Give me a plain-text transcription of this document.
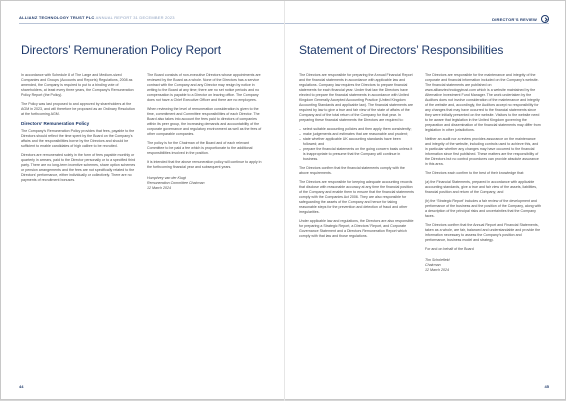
ALLIANZ TECHNOLOGY TRUST PLC ANNUAL REPORT 31 DECEMBER 2023
Directors’ Remuneration Policy Report

In accordance with Schedule 8 of The Large and Medium-sized Companies and Groups (Accounts and Reports) Regulations, 2008 as amended, the Company is required to put to a binding vote of shareholders, at least every three years, the Company’s Remuneration Policy Report (the Policy).

The Policy was last proposed to and approved by shareholders at the AGM in 2023, and will therefore be proposed as an Ordinary Resolution at the forthcoming AGM.

Directors’ Remuneration Policy

The Company’s Remuneration Policy provides that fees, payable to the Directors should reflect the time spent by the Board on the Company’s affairs and the responsibilities borne by the Directors and should be sufficient to enable candidates of high calibre to be recruited.

Directors are remunerated solely in the form of fees payable monthly or quarterly in arrears, paid to the Director personally or to a specified third party. There are no long-term incentive schemes, share option schemes or pension arrangements and the fees are not specifically related to the Directors’ performance, either individually or collectively. There are no payments of recruitment bonuses.

The Board consists of non-executive Directors whose appointments are reviewed by the Board as a whole. None of the Directors has a service contract with the Company and any Director may resign by notice in writing to the Board at any time; there are no set notice periods and no compensation is payable to a Director on leaving office. The Company does not have a Chief Executive Officer and there are no employees.

When reviewing the level of remuneration consideration is given to the time, commitment and Committee responsibilities of each Director. The Board also takes into account the fees paid to directors of companies within its peer group, the increasing demands and accountability of the corporate governance and regulatory environment as well as the fees of other comparable companies.

The policy is for the Chairman of the Board and of each relevant Committee to be paid a fee which is proportionate to the additional responsibilities involved in the position.

It is intended that the above remuneration policy will continue to apply in the forthcoming financial year and subsequent years.

Humphrey van der Klugt
Remuneration Committee Chairman
12 March 2024
44
DIRECTOR’S REVIEW
Statement of Directors’ Responsibilities

The Directors are responsible for preparing the Annual Financial Report and the financial statements in accordance with applicable law and regulations. Company law requires the Directors to prepare financial statements for each financial year. Under that law the Directors have elected to prepare the financial statements in accordance with United Kingdom Generally Accepted Accounting Practice (United Kingdom Accounting Standards and applicable law). The financial statements are required by law to give a true and fair view of the state of affairs of the Company and of the total return of the Company for that year. In preparing these financial statements the Directors are required to:

– select suitable accounting policies and then apply them consistently;
– make judgements and estimates that are reasonable and prudent;
– state whether applicable UK accounting standards have been followed; and
– prepare the financial statements on the going concern basis unless it is inappropriate to presume that the Company will continue in business.

The Directors confirm that the financial statements comply with the above requirements.

The Directors are responsible for keeping adequate accounting records that disclose with reasonable accuracy at any time the financial position of the Company and enable them to ensure that the financial statements comply with the Companies Act 2006. They are also responsible for safeguarding the assets of the Company and hence for taking reasonable steps for the prevention and detection of fraud and other irregularities.

Under applicable law and regulations, the Directors are also responsible for preparing a Strategic Report, a Directors’ Report, and Corporate Governance Statement and a Directors Remuneration Report which comply with that law and those regulations.

The Directors are responsible for the maintenance and integrity of the corporate and financial information included on the Company’s website. The financial statements are published on www.allianztechnologytrust.com which is a website maintained by the Alternative Investment Fund Manager. The work undertaken by the Auditors does not involve consideration of the maintenance and integrity of the website and, accordingly, the Auditors accept no responsibility for any changes that may have occurred to the financial statements since they were initially presented on the website. Visitors to the website need to be aware that legislation in the United Kingdom governing the preparation and dissemination of the financial statements may differ from legislation in other jurisdictions.

Neither an audit nor a review provides assurance on the maintenance and integrity of the website, including controls used to achieve this, and in particular whether any changes may have occurred to the financial information since first published. These matters are the responsibility of the Directors but no control procedures can provide absolute assurance in this area.

The Directors each confirm to the best of their knowledge that:

(a) the Financial Statements, prepared in accordance with applicable accounting standards, give a true and fair view of the assets, liabilities, financial position and return of the Company; and

(b) the ‘Strategic Report’ includes a fair review of the development and performance of the business and the position of the Company, along with a description of the principal risks and uncertainties that the Company faces.

The Directors confirm that the Annual Report and Financial Statements, taken as a whole, are fair, balanced and understandable and provide the information necessary to assess the Company’s position and performance, business model and strategy.

For and on behalf of the Board

Tim Scholefield
Chairman
12 March 2024
45
